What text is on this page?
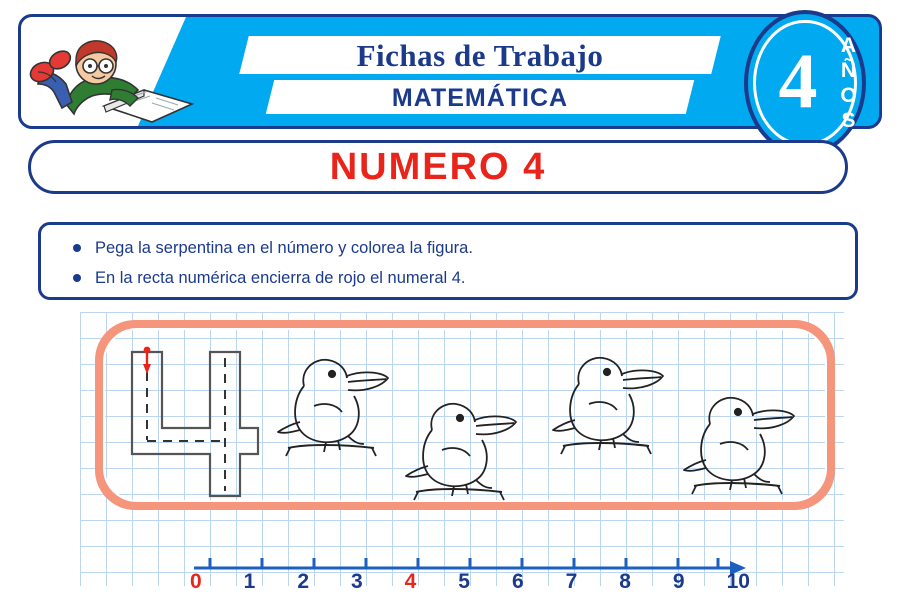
Fichas de Trabajo
MATEMÁTICA	4 AÑOS
NUMERO 4
Pega la serpentina en el número y colorea la figura.
En la recta numérica encierra de rojo el numeral 4.
0 1 2 3 4 5 6 7 8 9 10
